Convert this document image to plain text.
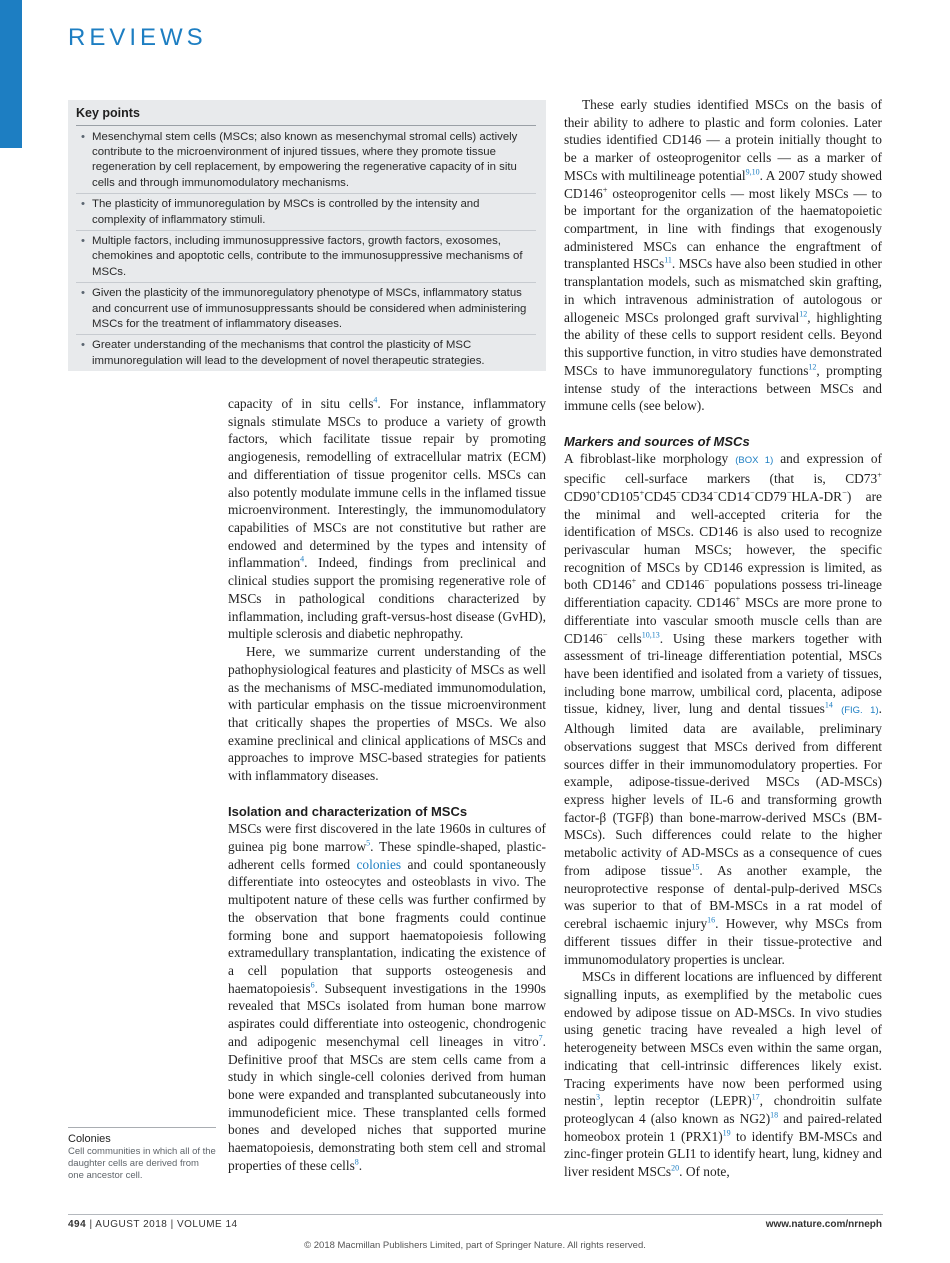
REVIEWS
Key points
• Mesenchymal stem cells (MSCs; also known as mesenchymal stromal cells) actively contribute to the microenvironment of injured tissues, where they promote tissue regeneration by cell replacement, by empowering the regenerative capacity of in situ cells and through immunomodulatory mechanisms.
• The plasticity of immunoregulation by MSCs is controlled by the intensity and complexity of inflammatory stimuli.
• Multiple factors, including immunosuppressive factors, growth factors, exosomes, chemokines and apoptotic cells, contribute to the immunosuppressive mechanisms of MSCs.
• Given the plasticity of the immunoregulatory phenotype of MSCs, inflammatory status and concurrent use of immunosuppressants should be considered when administering MSCs for the treatment of inflammatory diseases.
• Greater understanding of the mechanisms that control the plasticity of MSC immunoregulation will lead to the development of novel therapeutic strategies.

capacity of in situ cells$^4$. For instance, inflammatory signals stimulate MSCs to produce a variety of growth factors, which facilitate tissue repair by promoting angiogenesis, remodelling of extracellular matrix (ECM) and differentiation of tissue progenitor cells. MSCs can also potently modulate immune cells in the inflamed tissue microenvironment. Interestingly, the immunomodulatory capabilities of MSCs are not constitutive but rather are endowed and determined by the types and intensity of inflammation$^4$. Indeed, findings from preclinical and clinical studies support the promising regenerative role of MSCs in pathological conditions characterized by inflammation, including graft-versus-host disease (GvHD), multiple sclerosis and diabetic nephropathy.

Here, we summarize current understanding of the pathophysiological features and plasticity of MSCs as well as the mechanisms of MSC-mediated immunomodulation, with particular emphasis on the tissue microenvironment that critically shapes the properties of MSCs. We also examine preclinical and clinical applications of MSCs and approaches to improve MSC-based strategies for patients with inflammatory diseases.

Isolation and characterization of MSCs

MSCs were first discovered in the late 1960s in cultures of guinea pig bone marrow$^5$. These spindle-shaped, plastic-adherent cells formed colonies and could spontaneously differentiate into osteocytes and osteoblasts in vivo. The multipotent nature of these cells was further confirmed by the observation that bone fragments could continue forming bone and support haematopoiesis following extramedullary transplantation, indicating the existence of a cell population that supports osteogenesis and haematopoiesis$^6$. Subsequent investigations in the 1990s revealed that MSCs isolated from human bone marrow aspirates could differentiate into osteogenic, chondrogenic and adipogenic mesenchymal cell lineages in vitro$^7$. Definitive proof that MSCs are stem cells came from a study in which single-cell colonies derived from human bone were expanded and transplanted subcutaneously into immunodeficient mice. These transplanted cells formed bones and developed niches that supported murine haematopoiesis, demonstrating both stem cell and stromal properties of these cells$^8$.

These early studies identified MSCs on the basis of their ability to adhere to plastic and form colonies. Later studies identified CD146 — a protein initially thought to be a marker of osteoprogenitor cells — as a marker of MSCs with multilineage potential$^{9,10}$. A 2007 study showed CD146+ osteoprogenitor cells — most likely MSCs — to be important for the organization of the haematopoietic compartment, in line with findings that exogenously administered MSCs can enhance the engraftment of transplanted HSCs$^{11}$. MSCs have also been studied in other transplantation models, such as mismatched skin grafting, in which intravenous administration of autologous or allogeneic MSCs prolonged graft survival$^{12}$, highlighting the ability of these cells to support resident cells. Beyond this supportive function, in vitro studies have demonstrated MSCs to have immunoregulatory functions$^{12}$, prompting intense study of the interactions between MSCs and immune cells (see below).

Markers and sources of MSCs

A fibroblast-like morphology (BOX 1) and expression of specific cell-surface markers (that is, CD73+ CD90+CD105+CD45−CD34−CD14−CD79−HLA-DR−) are the minimal and well-accepted criteria for the identification of MSCs. CD146 is also used to recognize perivascular human MSCs; however, the specific recognition of MSCs by CD146 expression is limited, as both CD146+ and CD146− populations possess tri-lineage differentiation capacity. CD146+ MSCs are more prone to differentiate into vascular smooth muscle cells than are CD146− cells$^{10,13}$. Using these markers together with assessment of tri-lineage differentiation potential, MSCs have been identified and isolated from a variety of tissues, including bone marrow, umbilical cord, placenta, adipose tissue, kidney, liver, lung and dental tissues$^{14}$ (FIG. 1). Although limited data are available, preliminary observations suggest that MSCs derived from different sources differ in their immunomodulatory properties. For example, adipose-tissue-derived MSCs (AD-MSCs) express higher levels of IL-6 and transforming growth factor-β (TGFβ) than bone-marrow-derived MSCs (BM-MSCs). Such differences could relate to the higher metabolic activity of AD-MSCs as a consequence of cues from adipose tissue$^{15}$. As another example, the neuroprotective response of dental-pulp-derived MSCs was superior to that of BM-MSCs in a rat model of cerebral ischaemic injury$^{16}$. However, why MSCs from different tissues differ in their tissue-protective and immunomodulatory properties is unclear.

MSCs in different locations are influenced by different signalling inputs, as exemplified by the metabolic cues endowed by adipose tissue on AD-MSCs. In vivo studies using genetic tracing have revealed a high level of heterogeneity between MSCs even within the same organ, indicating that cell-intrinsic differences likely exist. Tracing experiments have now been performed using nestin$^3$, leptin receptor (LEPR)$^{17}$, chondroitin sulfate proteoglycan 4 (also known as NG2)$^{18}$ and paired-related homeobox protein 1 (PRX1)$^{19}$ to identify BM-MSCs and zinc-finger protein GLI1 to identify heart, lung, kidney and liver resident MSCs$^{20}$. Of note,

Colonies
Cell communities in which all of the daughter cells are derived from one ancestor cell.
494 | AUGUST 2018 | VOLUME 14	www.nature.com/nrneph
© 2018 Macmillan Publishers Limited, part of Springer Nature. All rights reserved.
